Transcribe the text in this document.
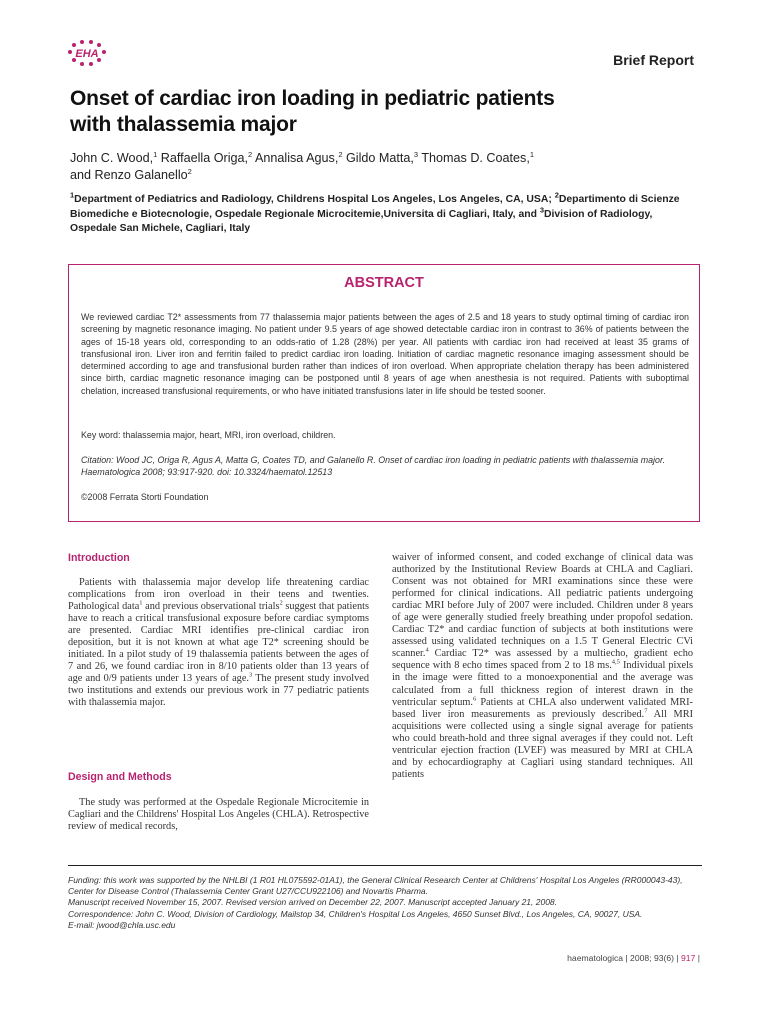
EHA	Brief Report
Onset of cardiac iron loading in pediatric patients
with thalassemia major
John C. Wood,$^1$ Raffaella Origa,$^2$ Annalisa Agus,$^2$ Gildo Matta,$^3$ Thomas D. Coates,$^1$
and Renzo Galanello$^2$
$^1$Department of Pediatrics and Radiology, Childrens Hospital Los Angeles, Los Angeles, CA, USA; $^2$Departimento di Scienze Biomediche e Biotecnologie, Ospedale Regionale Microcitemie,Universita di Cagliari, Italy, and $^3$Division of Radiology, Ospedale San Michele, Cagliari, Italy
ABSTRACT

We reviewed cardiac T2* assessments from 77 thalassemia major patients between the ages of 2.5 and 18 years to study optimal timing of cardiac iron screening by magnetic resonance imaging. No patient under 9.5 years of age showed detectable cardiac iron in contrast to 36% of patients between the ages of 15-18 years old, corresponding to an odds-ratio of 1.28 (28%) per year. All patients with cardiac iron had received at least 35 grams of transfusional iron. Liver iron and ferritin failed to predict cardiac iron loading. Initiation of cardiac magnetic resonance imaging assessment should be determined according to age and transfusional burden rather than indices of iron overload. When appropriate chelation therapy has been administered since birth, cardiac magnetic resonance imaging can be postponed until 8 years of age when anesthesia is not required. Patients with suboptimal chelation, increased transfusional requirements, or who have initiated transfusions later in life should be tested sooner.

Key word: thalassemia major, heart, MRI, iron overload, children.

Citation: Wood JC, Origa R, Agus A, Matta G, Coates TD, and Galanello R. Onset of cardiac iron loading in pediatric patients with thalassemia major. Haematologica 2008; 93:917-920. doi: 10.3324/haematol.12513

©2008 Ferrata Storti Foundation

Introduction

Patients with thalassemia major develop life threatening cardiac complications from iron overload in their teens and twenties. Pathological data$^1$ and previous observational trials$^2$ suggest that patients have to reach a critical transfusional exposure before cardiac symptoms are presented. Cardiac MRI identifies pre-clinical cardiac iron deposition, but it is not known at what age T2* screening should be initiated. In a pilot study of 19 thalassemia patients between the ages of 7 and 26, we found cardiac iron in 8/10 patients older than 13 years of age and 0/9 patients under 13 years of age.$^3$ The present study involved two institutions and extends our previous work in 77 pediatric patients with thalassemia major.

Design and Methods

The study was performed at the Ospedale Regionale Microcitemie in Cagliari and the Childrens' Hospital Los Angeles (CHLA). Retrospective review of medical records,

waiver of informed consent, and coded exchange of clinical data was authorized by the Institutional Review Boards at CHLA and Cagliari. Consent was not obtained for MRI examinations since these were performed for clinical indications. All pediatric patients undergoing cardiac MRI before July of 2007 were included. Children under 8 years of age were generally studied freely breathing under propofol sedation. Cardiac T2* and cardiac function of subjects at both institutions were assessed using validated techniques on a 1.5 T General Electric CVi scanner.$^4$ Cardiac T2* was assessed by a multiecho, gradient echo sequence with 8 echo times spaced from 2 to 18 ms.$^{4,5}$ Individual pixels in the image were fitted to a monoexponential and the average was calculated from a full thickness region of interest drawn in the ventricular septum.$^6$ Patients at CHLA also underwent validated MRI-based liver iron measurements as previously described.$^7$ All MRI acquisitions were collected using a single signal average for patients who could breath-hold and three signal averages if they could not. Left ventricular ejection fraction (LVEF) was measured by MRI at CHLA and by echocardiography at Cagliari using standard techniques. All patients

Funding: this work was supported by the NHLBI (1 R01 HL075592-01A1), the General Clinical Research Center at Childrens' Hospital Los Angeles (RR000043-43), Center for Disease Control (Thalassemia Center Grant U27/CCU922106) and Novartis Pharma.
Manuscript received November 15, 2007. Revised version arrived on December 22, 2007. Manuscript accepted January 21, 2008.
Correspondence: John C. Wood, Division of Cardiology, Mailstop 34, Children's Hospital Los Angeles, 4650 Sunset Blvd., Los Angeles, CA, 90027, USA.
E-mail: jwood@chla.usc.edu
haematologica | 2008; 93(6) | 917 |
